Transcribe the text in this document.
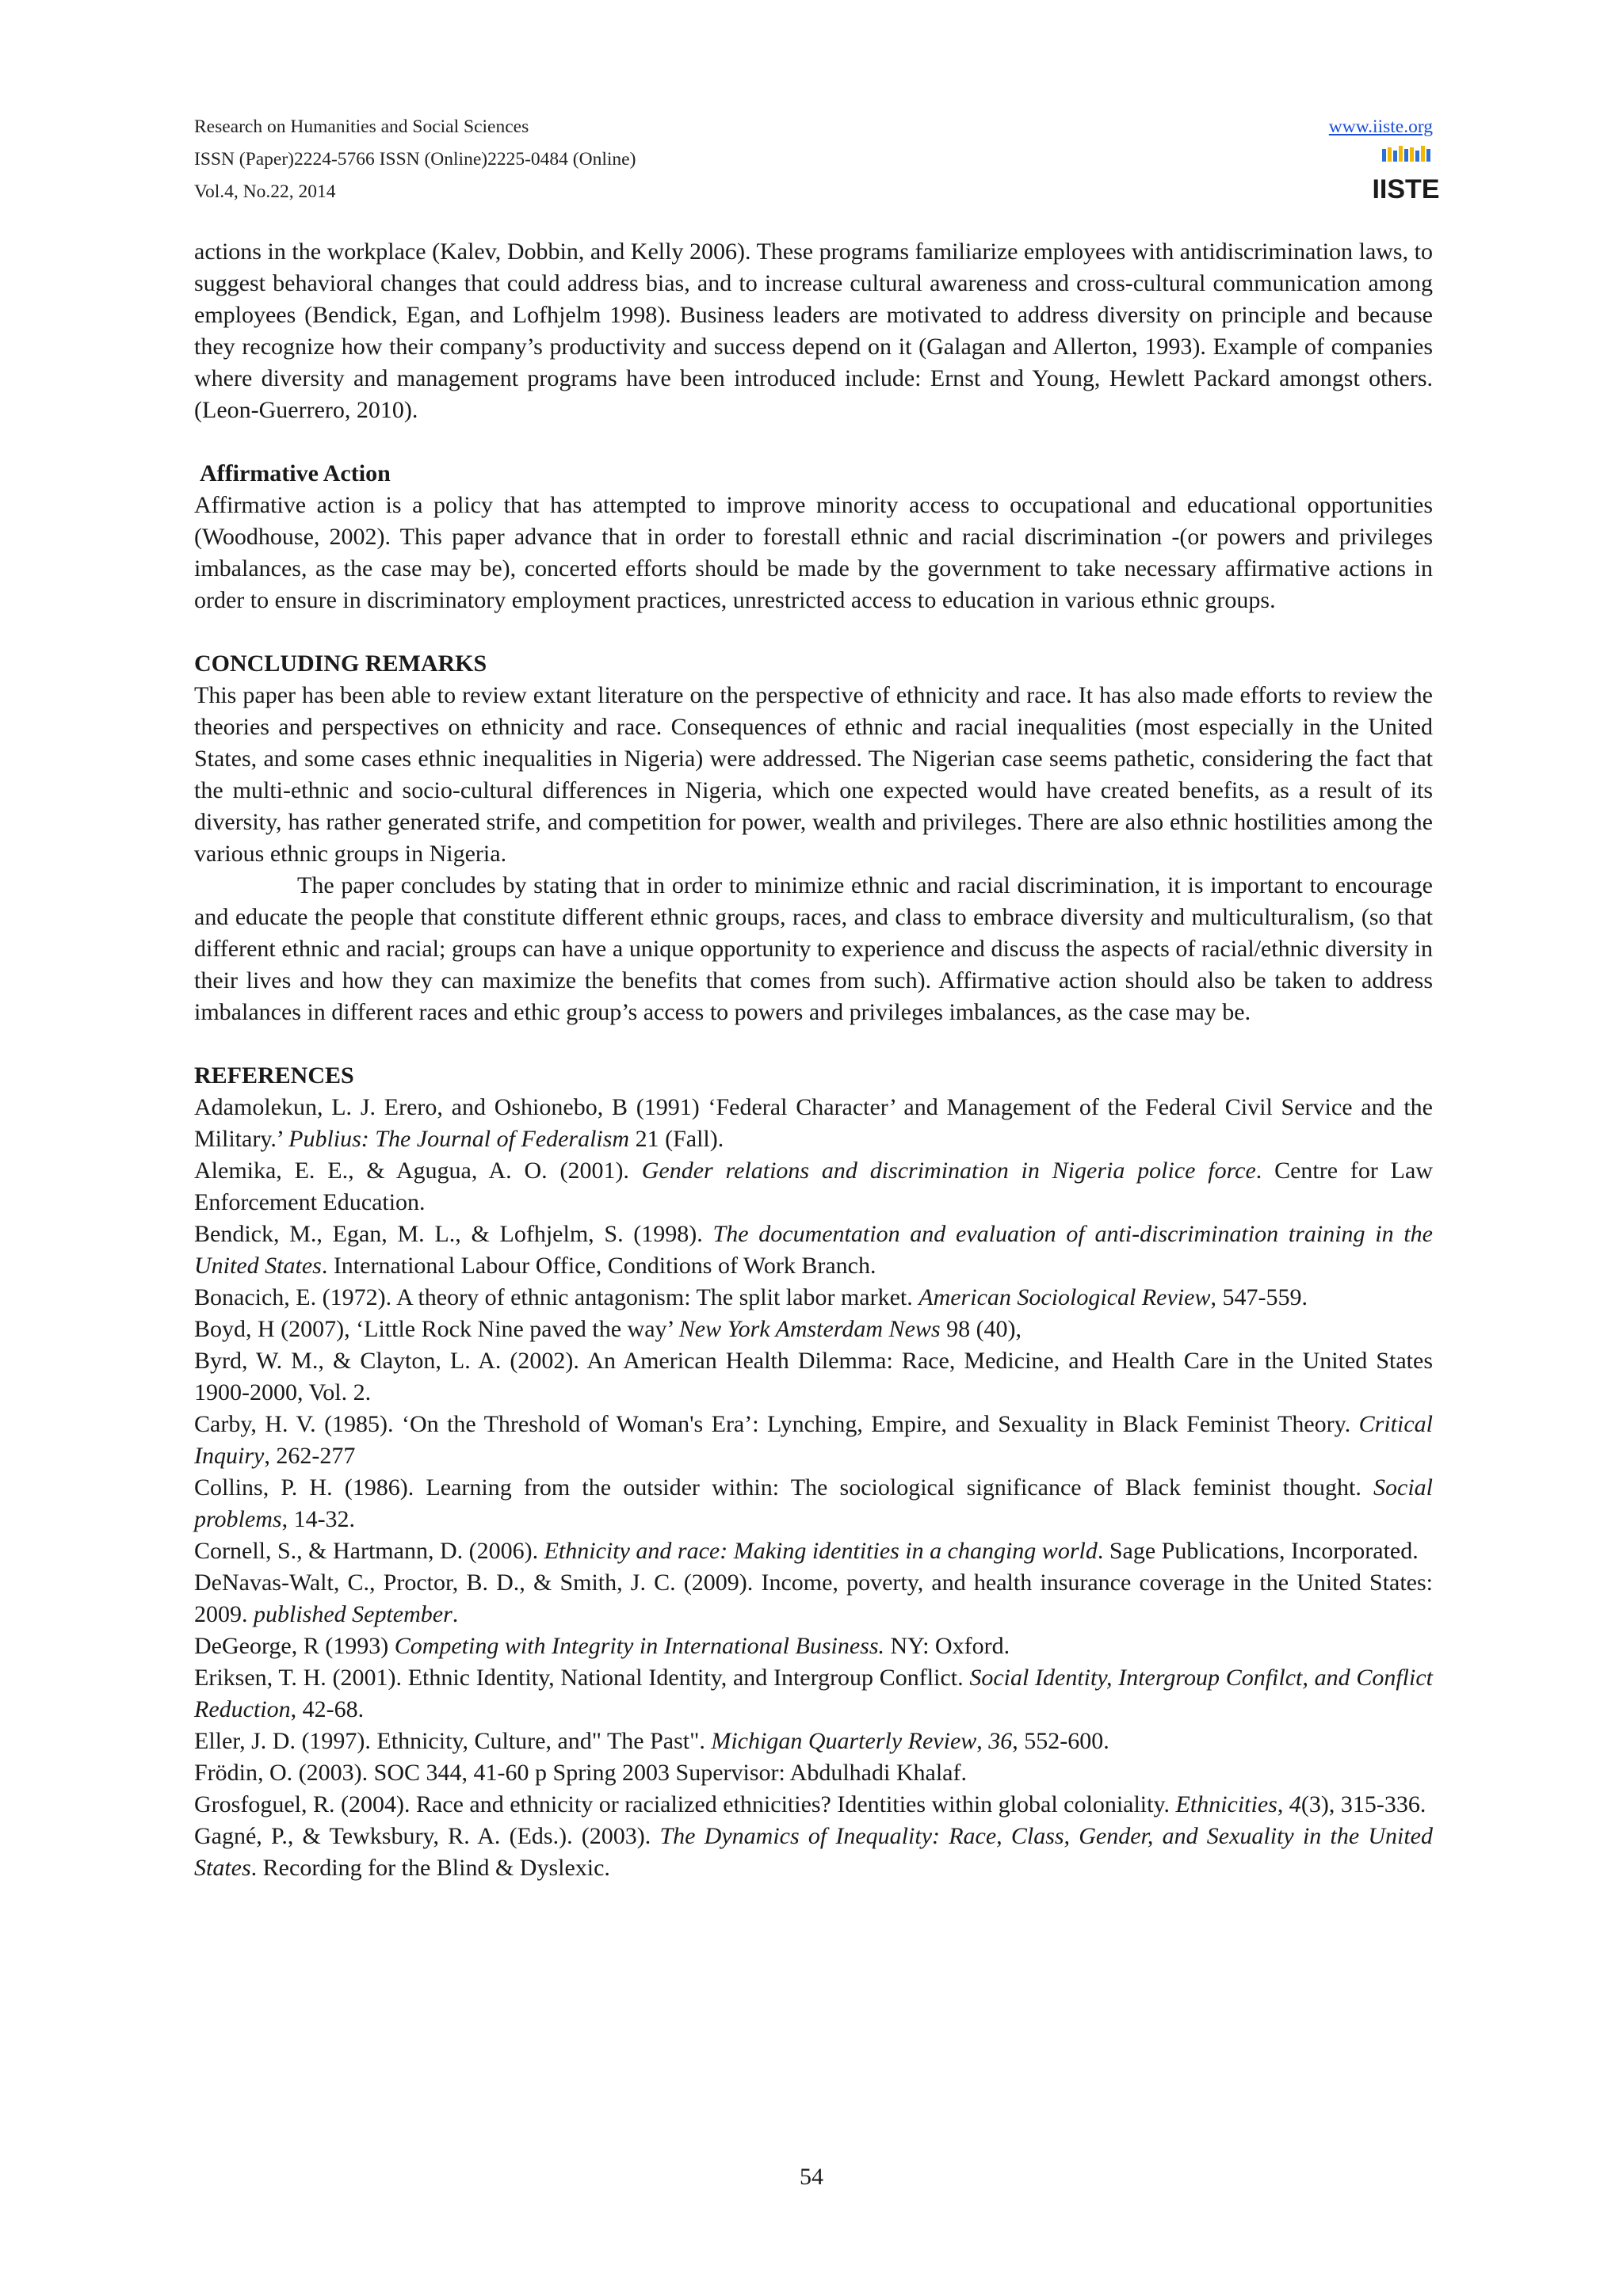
Research on Humanities and Social Sciences
ISSN (Paper)2224-5766 ISSN (Online)2225-0484 (Online)
Vol.4, No.22, 2014
www.iiste.org
IISTE

actions in the workplace (Kalev, Dobbin, and Kelly 2006). These programs familiarize employees with antidiscrimination laws, to suggest behavioral changes that could address bias, and to increase cultural awareness and cross-cultural communication among employees (Bendick, Egan, and Lofhjelm 1998). Business leaders are motivated to address diversity on principle and because they recognize how their company’s productivity and success depend on it (Galagan and Allerton, 1993). Example of companies where diversity and management programs have been introduced include: Ernst and Young, Hewlett Packard amongst others. (Leon-Guerrero, 2010).

Affirmative Action

Affirmative action is a policy that has attempted to improve minority access to occupational and educational opportunities (Woodhouse, 2002). This paper advance that in order to forestall ethnic and racial discrimination -(or powers and privileges imbalances, as the case may be), concerted efforts should be made by the government to take necessary affirmative actions in order to ensure in discriminatory employment practices, unrestricted access to education in various ethnic groups.

CONCLUDING REMARKS

This paper has been able to review extant literature on the perspective of ethnicity and race. It has also made efforts to review the theories and perspectives on ethnicity and race. Consequences of ethnic and racial inequalities (most especially in the United States, and some cases ethnic inequalities in Nigeria) were addressed. The Nigerian case seems pathetic, considering the fact that the multi-ethnic and socio-cultural differences in Nigeria, which one expected would have created benefits, as a result of its diversity, has rather generated strife, and competition for power, wealth and privileges. There are also ethnic hostilities among the various ethnic groups in Nigeria.

The paper concludes by stating that in order to minimize ethnic and racial discrimination, it is important to encourage and educate the people that constitute different ethnic groups, races, and class to embrace diversity and multiculturalism, (so that different ethnic and racial; groups can have a unique opportunity to experience and discuss the aspects of racial/ethnic diversity in their lives and how they can maximize the benefits that comes from such). Affirmative action should also be taken to address imbalances in different races and ethic group’s access to powers and privileges imbalances, as the case may be.

REFERENCES

Adamolekun, L. J. Erero, and Oshionebo, B (1991) ‘Federal Character’ and Management of the Federal Civil Service and the Military.’ Publius: The Journal of Federalism 21 (Fall).

Alemika, E. E., & Agugua, A. O. (2001). Gender relations and discrimination in Nigeria police force. Centre for Law Enforcement Education.

Bendick, M., Egan, M. L., & Lofhjelm, S. (1998). The documentation and evaluation of anti-discrimination training in the United States. International Labour Office, Conditions of Work Branch.

Bonacich, E. (1972). A theory of ethnic antagonism: The split labor market. American Sociological Review, 547-559.

Boyd, H (2007), ‘Little Rock Nine paved the way’ New York Amsterdam News 98 (40),

Byrd, W. M., & Clayton, L. A. (2002). An American Health Dilemma: Race, Medicine, and Health Care in the United States 1900-2000, Vol. 2.

Carby, H. V. (1985). ‘On the Threshold of Woman's Era’: Lynching, Empire, and Sexuality in Black Feminist Theory. Critical Inquiry, 262-277

Collins, P. H. (1986). Learning from the outsider within: The sociological significance of Black feminist thought. Social problems, 14-32.

Cornell, S., & Hartmann, D. (2006). Ethnicity and race: Making identities in a changing world. Sage Publications, Incorporated.

DeNavas-Walt, C., Proctor, B. D., & Smith, J. C. (2009). Income, poverty, and health insurance coverage in the United States: 2009. published September.

DeGeorge, R (1993) Competing with Integrity in International Business. NY: Oxford.

Eriksen, T. H. (2001). Ethnic Identity, National Identity, and Intergroup Conflict. Social Identity, Intergroup Confilct, and Conflict Reduction, 42-68.

Eller, J. D. (1997). Ethnicity, Culture, and" The Past". Michigan Quarterly Review, 36, 552-600.

Frödin, O. (2003). SOC 344, 41-60 p Spring 2003 Supervisor: Abdulhadi Khalaf.

Grosfoguel, R. (2004). Race and ethnicity or racialized ethnicities? Identities within global coloniality. Ethnicities, 4(3), 315-336.

Gagné, P., & Tewksbury, R. A. (Eds.). (2003). The Dynamics of Inequality: Race, Class, Gender, and Sexuality in the United States. Recording for the Blind & Dyslexic.

54
